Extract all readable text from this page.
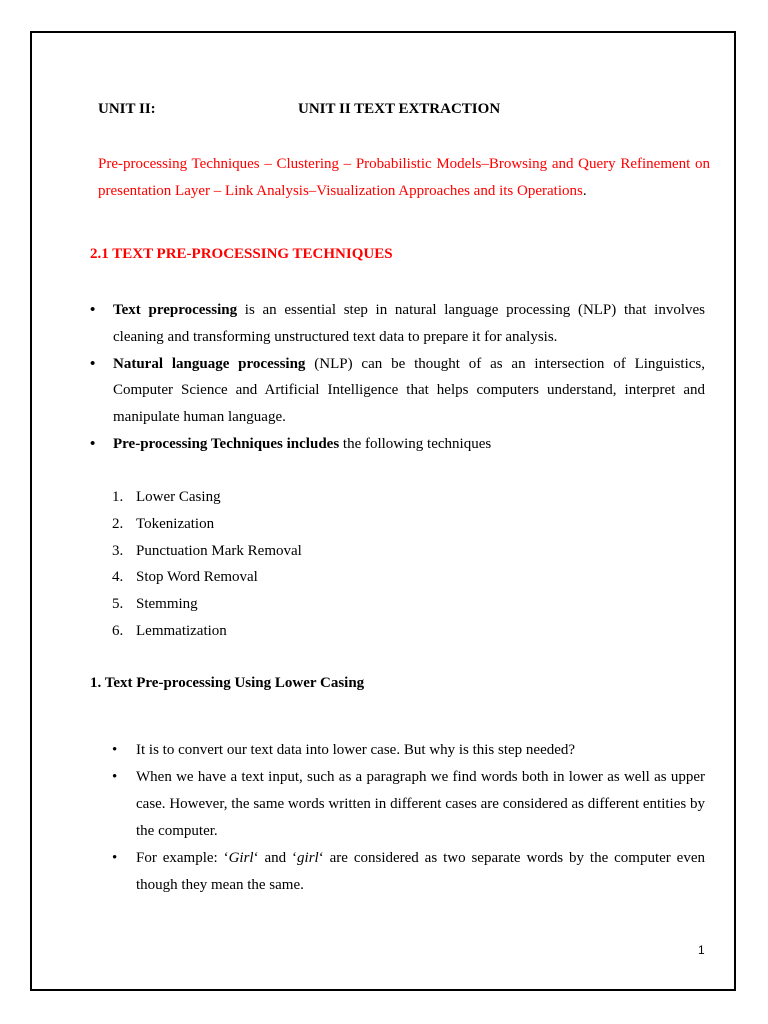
UNIT II:	UNIT II TEXT EXTRACTION
Pre-processing Techniques – Clustering – Probabilistic Models–Browsing and Query Refinement on presentation Layer – Link Analysis–Visualization Approaches and its Operations.
2.1 TEXT PRE-PROCESSING TECHNIQUES
• Text preprocessing is an essential step in natural language processing (NLP) that involves cleaning and transforming unstructured text data to prepare it for analysis.
• Natural language processing (NLP) can be thought of as an intersection of Linguistics, Computer Science and Artificial Intelligence that helps computers understand, interpret and manipulate human language.
• Pre-processing Techniques includes the following techniques
1. Lower Casing
2. Tokenization
3. Punctuation Mark Removal
4. Stop Word Removal
5. Stemming
6. Lemmatization
1. Text Pre-processing Using Lower Casing
• It is to convert our text data into lower case. But why is this step needed?
• When we have a text input, such as a paragraph we find words both in lower as well as upper case. However, the same words written in different cases are considered as different entities by the computer.
• For example: ‘Girl‘ and ‘girl‘ are considered as two separate words by the computer even though they mean the same.
1
